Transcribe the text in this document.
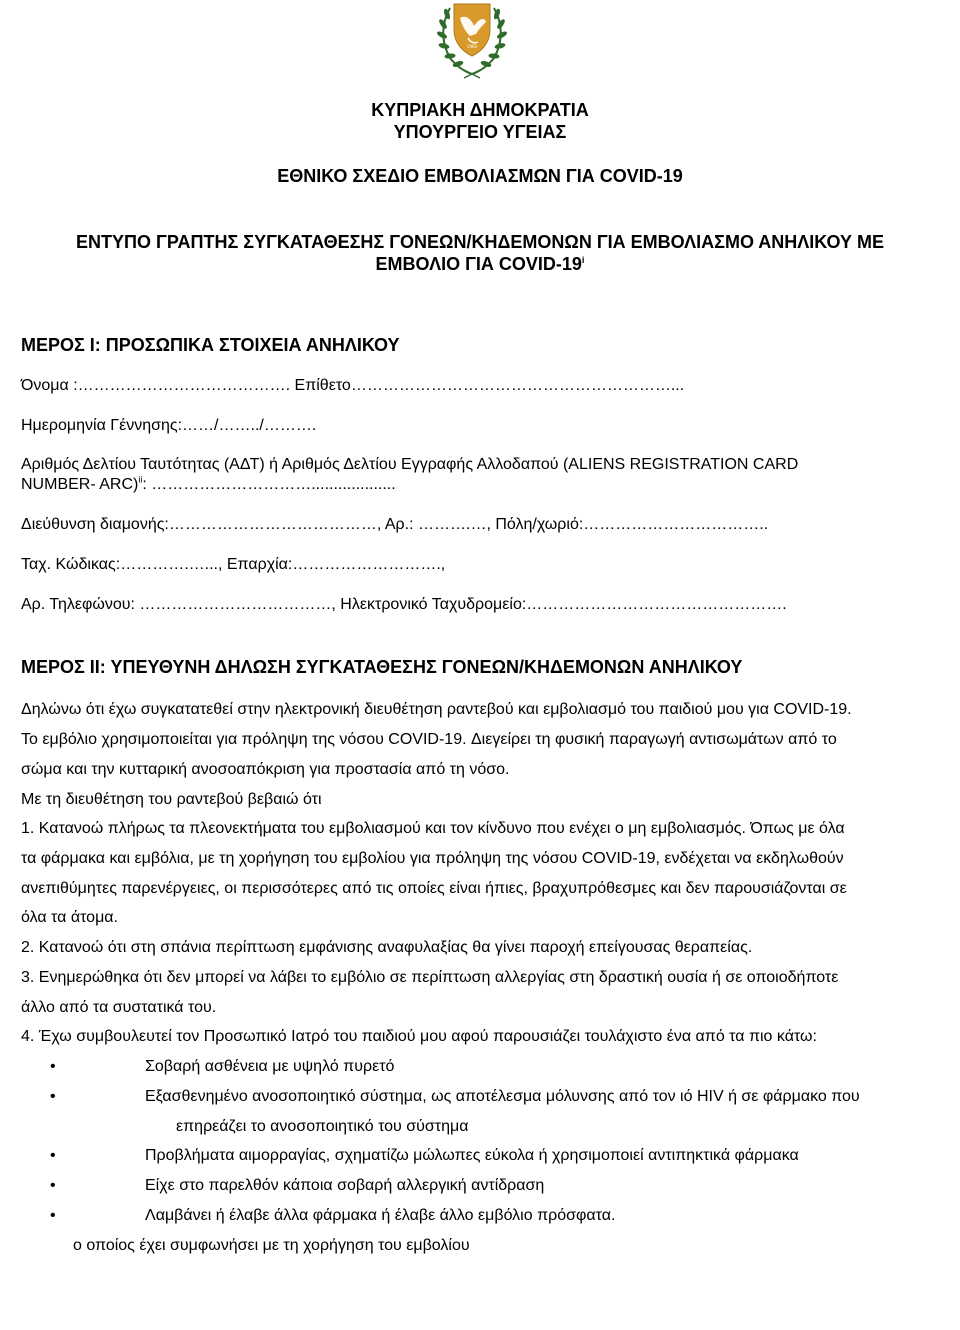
1960
ΚΥΠΡΙΑΚΗ ΔΗΜΟΚΡΑΤΙΑ
ΥΠΟΥΡΓΕΙΟ ΥΓΕΙΑΣ
ΕΘΝΙΚΟ ΣΧΕΔΙΟ ΕΜΒΟΛΙΑΣΜΩΝ ΓΙΑ COVID-19
ΕΝΤΥΠΟ ΓΡΑΠΤΗΣ ΣΥΓΚΑΤΑΘΕΣΗΣ ΓΟΝΕΩΝ/ΚΗΔΕΜΟΝΩΝ ΓΙΑ ΕΜΒΟΛΙΑΣΜΟ ΑΝΗΛΙΚΟΥ ΜΕ
ΕΜΒΟΛΙΟ ΓΙΑ COVID-19$^i$
ΜΕΡΟΣ Ι: ΠΡΟΣΩΠΙΚΑ ΣΤΟΙΧΕΙΑ ΑΝΗΛΙΚΟΥ
Όνομα :…………………………………. Επίθετο……………………………………………………...
Ημερομηνία Γέννησης:……/……../……….
Αριθμός Δελτίου Ταυτότητας (ΑΔΤ) ή Αριθμός Δελτίου Εγγραφής Αλλοδαπού (ALIENS REGISTRATION CARD
NUMBER- ARC)$^{ii}$: …………………………...................
Διεύθυνση διαμονής:…………………………………, Αρ.: ……….…, Πόλη/χωριό:……………………………..
Ταχ. Κώδικας:………….…..., Επαρχία:……………………….,
Αρ. Τηλεφώνου: ………………………………, Ηλεκτρονικό Ταχυδρομείο:………………………………………….
ΜΕΡΟΣ ΙΙ: ΥΠΕΥΘΥΝΗ ΔΗΛΩΣΗ ΣΥΓΚΑΤΑΘΕΣΗΣ ΓΟΝΕΩΝ/ΚΗΔΕΜΟΝΩΝ ΑΝΗΛΙΚΟΥ
Δηλώνω ότι έχω συγκατατεθεί στην ηλεκτρονική διευθέτηση ραντεβού και εμβολιασμό του παιδιού μου για COVID-19.
Το εμβόλιο χρησιμοποιείται για πρόληψη της νόσου COVID-19. Διεγείρει τη φυσική παραγωγή αντισωμάτων από το
σώμα και την κυτταρική ανοσοαπόκριση για προστασία από τη νόσο.
Με τη διευθέτηση του ραντεβού βεβαιώ ότι
1. Κατανοώ πλήρως τα πλεονεκτήματα του εμβολιασμού και τον κίνδυνο που ενέχει ο μη εμβολιασμός. Όπως με όλα
τα φάρμακα και εμβόλια, με τη χορήγηση του εμβολίου για πρόληψη της νόσου COVID-19, ενδέχεται να εκδηλωθούν
ανεπιθύμητες παρενέργειες, οι περισσότερες από τις οποίες είναι ήπιες, βραχυπρόθεσμες και δεν παρουσιάζονται σε
όλα τα άτομα.
2. Κατανοώ ότι στη σπάνια περίπτωση εμφάνισης αναφυλαξίας θα γίνει παροχή επείγουσας θεραπείας.
3. Ενημερώθηκα ότι δεν μπορεί να λάβει το εμβόλιο σε περίπτωση αλλεργίας στη δραστική ουσία ή σε οποιοδήποτε
άλλο από τα συστατικά του.
4. Έχω συμβουλευτεί τον Προσωπικό Ιατρό του παιδιού μου αφού παρουσιάζει τουλάχιστο ένα από τα πιο κάτω:
•	Σοβαρή ασθένεια με υψηλό πυρετό
•	Εξασθενημένο ανοσοποιητικό σύστημα, ως αποτέλεσμα μόλυνσης από τον ιό HIV ή σε φάρμακο που
επηρεάζει το ανοσοποιητικό του σύστημα
•	Προβλήματα αιμορραγίας, σχηματίζω μώλωπες εύκολα ή χρησιμοποιεί αντιπηκτικά φάρμακα
•	Είχε στο παρελθόν κάποια σοβαρή αλλεργική αντίδραση
•	Λαμβάνει ή έλαβε άλλα φάρμακα ή έλαβε άλλο εμβόλιο πρόσφατα.
ο οποίος έχει συμφωνήσει με τη χορήγηση του εμβολίου
